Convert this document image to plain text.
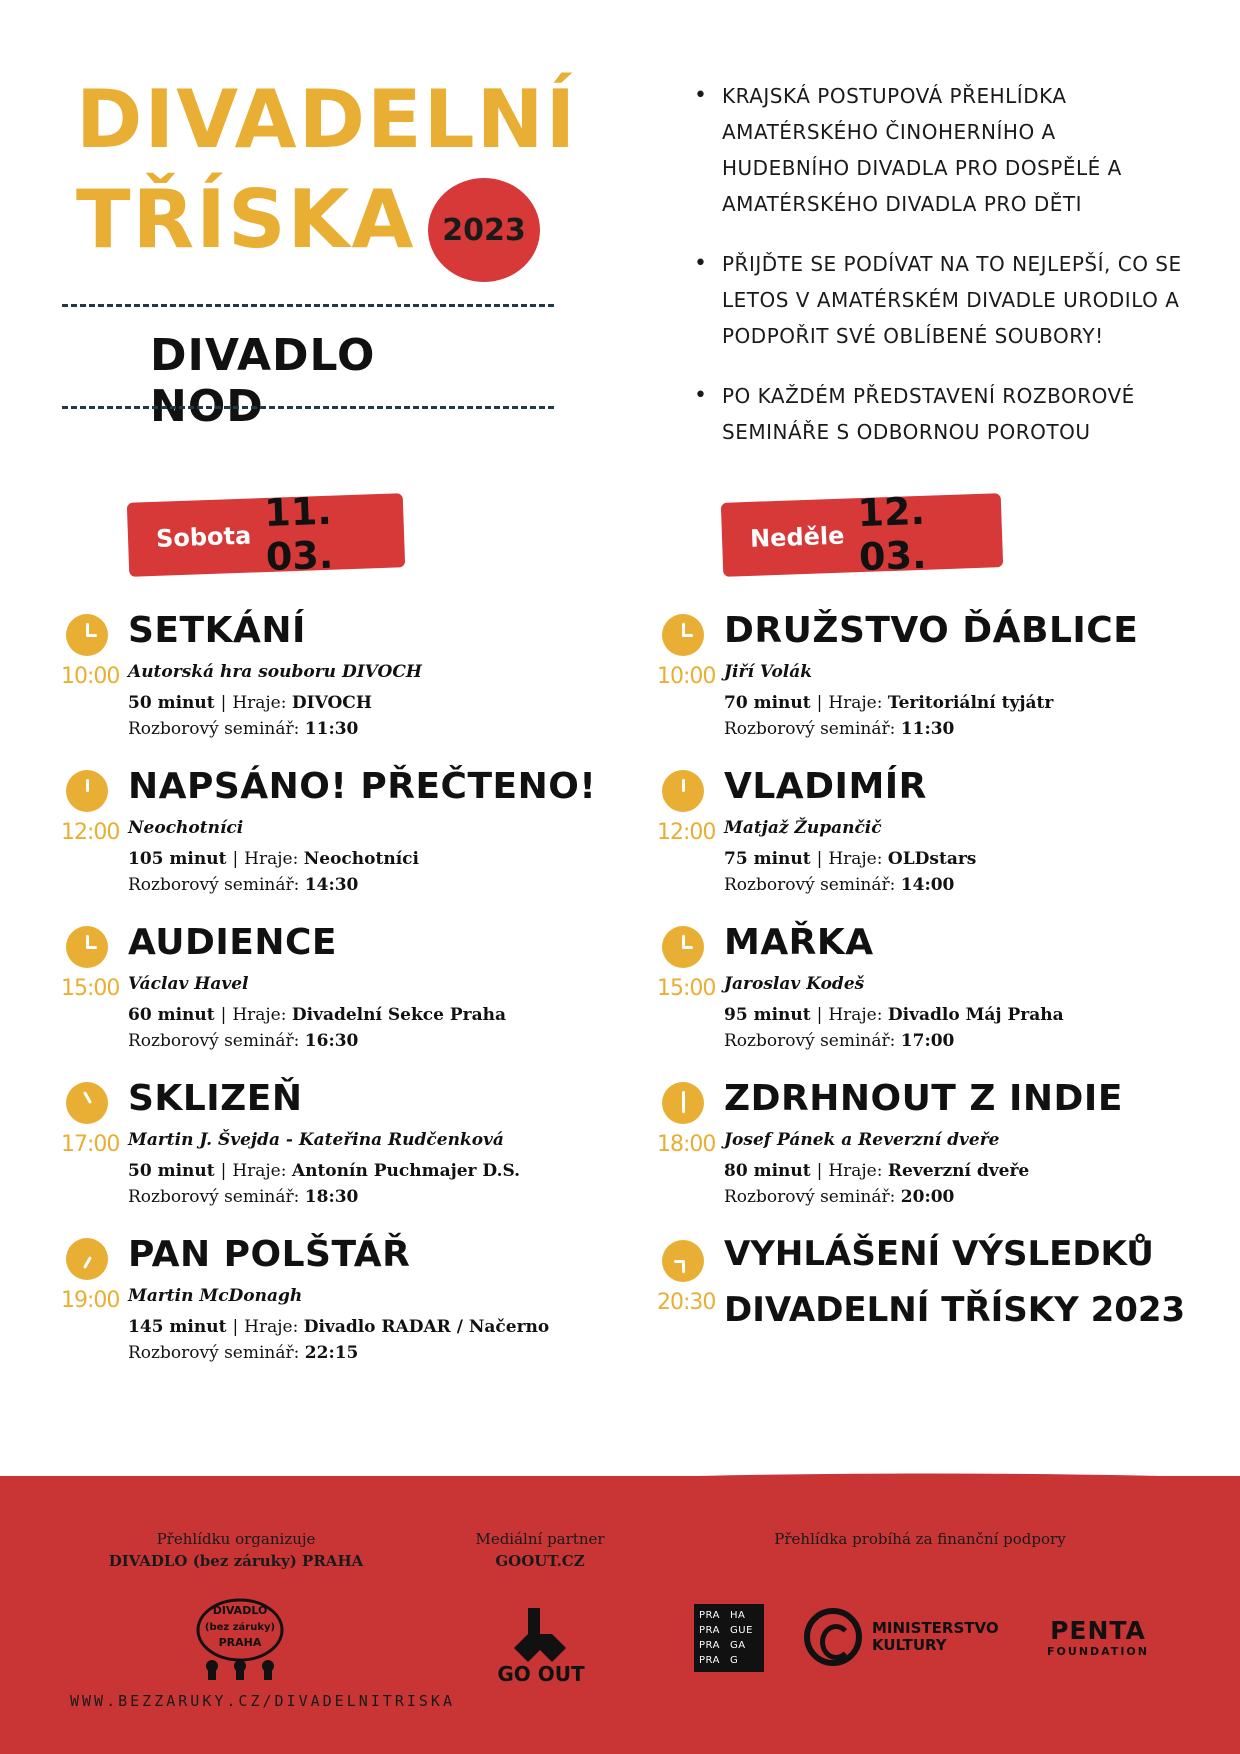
DIVADELNÍ
TŘÍSKA 2023
DIVADLO NOD
• KRAJSKÁ POSTUPOVÁ PŘEHLÍDKA AMATÉRSKÉHO ČINOHERNÍHO A HUDEBNÍHO DIVADLA PRO DOSPĚLÉ A AMATÉRSKÉHO DIVADLA PRO DĚTI
• PŘIJĎTE SE PODÍVAT NA TO NEJLEPŠÍ, CO SE LETOS V AMATÉRSKÉM DIVADLE URODILO A PODPOŘIT SVÉ OBLÍBENÉ SOUBORY!
• PO KAŽDÉM PŘEDSTAVENÍ ROZBOROVÉ SEMINÁŘE S ODBORNOU POROTOU
Sobota
11. 03.	Neděle
12. 03.
10:00
SETKÁNÍ
Autorská hra souboru DIVOCH
50 minut | Hraje: DIVOCH
Rozborový seminář: 11:30
12:00
NAPSÁNO! PŘEČTENO!
Neochotníci
105 minut | Hraje: Neochotníci
Rozborový seminář: 14:30
15:00
AUDIENCE
Václav Havel
60 minut | Hraje: Divadelní Sekce Praha
Rozborový seminář: 16:30
17:00
SKLIZEŇ
Martin J. Švejda - Kateřina Rudčenková
50 minut | Hraje: Antonín Puchmajer D.S.
Rozborový seminář: 18:30
19:00
PAN POLŠTÁŘ
Martin McDonagh
145 minut | Hraje: Divadlo RADAR / Načerno
Rozborový seminář: 22:15
10:00
DRUŽSTVO ĎÁBLICE
Jiří Volák
70 minut | Hraje: Teritoriální tyjátr
Rozborový seminář: 11:30
12:00
VLADIMÍR
Matjaž Župančič
75 minut | Hraje: OLDstars
Rozborový seminář: 14:00
15:00
MAŘKA
Jaroslav Kodeš
95 minut | Hraje: Divadlo Máj Praha
Rozborový seminář: 17:00
18:00
ZDRHNOUT Z INDIE
Josef Pánek a Reverzní dveře
80 minut | Hraje: Reverzní dveře
Rozborový seminář: 20:00
20:30
VYHLÁŠENÍ VÝSLEDKŮ
DIVADELNÍ TŘÍSKY 2023
Přehlídku organizuje
DIVADLO (bez záruky) PRAHA
Mediální partner
GOOUT.CZ
Přehlídka probíhá za finanční podpory
DIVADLO
(bez záruky)
PRAHA
WWW.BEZZARUKY.CZ/DIVADELNITRISKA
GO OUT
PRA	HA
PRA	GUE
PRA	GA
PRA	G
MINISTERSTVO KULTURY	PENTA
FOUNDATION
